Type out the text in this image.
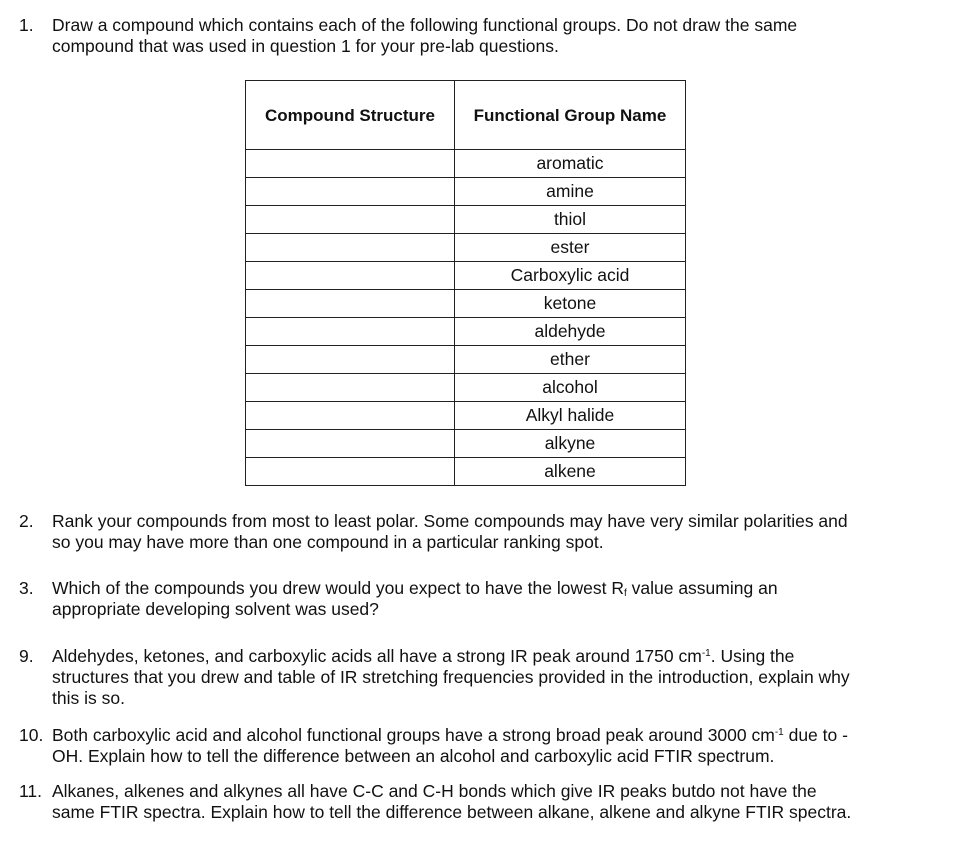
1.	Draw a compound which contains each of the following functional groups. Do not draw the same
compound that was used in question 1 for your pre-lab questions.
Compound Structure	Functional Group Name
	aromatic
	amine
	thiol
	ester
	Carboxylic acid
	ketone
	aldehyde
	ether
	alcohol
	Alkyl halide
	alkyne
	alkene
2.	Rank your compounds from most to least polar. Some compounds may have very similar polarities and
so you may have more than one compound in a particular ranking spot.
3.	Which of the compounds you drew would you expect to have the lowest $R_f$ value assuming an
appropriate developing solvent was used?
9.	Aldehydes, ketones, and carboxylic acids all have a strong IR peak around 1750 $cm^{-1}$. Using the
structures that you drew and table of IR stretching frequencies provided in the introduction, explain why
this is so.
10. Both carboxylic acid and alcohol functional groups have a strong broad peak around 3000 $cm^{-1}$ due to -
OH. Explain how to tell the difference between an alcohol and carboxylic acid FTIR spectrum.
11. Alkanes, alkenes and alkynes all have C-C and C-H bonds which give IR peaks butdo not have the
same FTIR spectra. Explain how to tell the difference between alkane, alkene and alkyne FTIR spectra.
